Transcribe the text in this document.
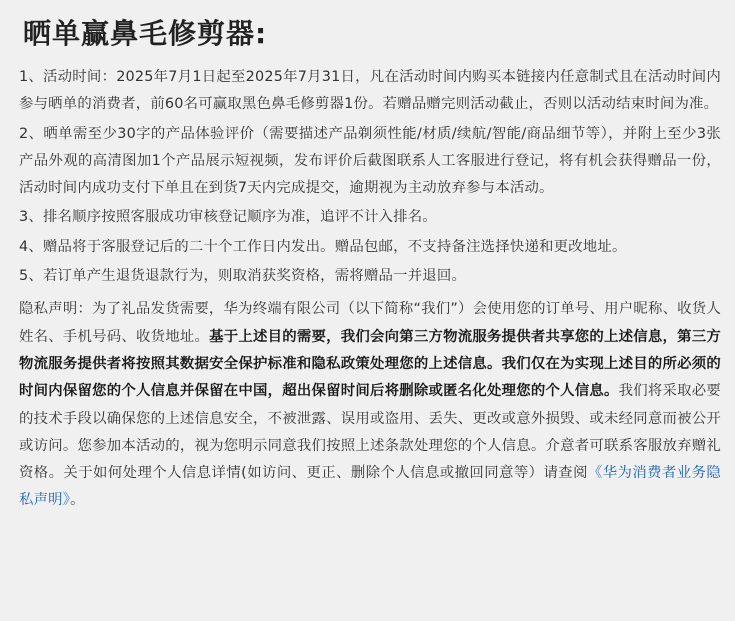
晒单赢鼻毛修剪器:

1、活动时间：2025年7月1日起至2025年7月31日，凡在活动时间内购买本链接内任意制式且在活动时间内参与晒单的消费者，前60名可赢取黑色鼻毛修剪器1份。若赠品赠完则活动截止，否则以活动结束时间为准。

2、晒单需至少30字的产品体验评价（需要描述产品剃须性能/材质/续航/智能/商品细节等），并附上至少3张产品外观的高清图加1个产品展示短视频，发布评价后截图联系人工客服进行登记，将有机会获得赠品一份，活动时间内成功支付下单且在到货7天内完成提交，逾期视为主动放弃参与本活动。

3、排名顺序按照客服成功审核登记顺序为准，追评不计入排名。

4、赠品将于客服登记后的二十个工作日内发出。赠品包邮，不支持备注选择快递和更改地址。

5、若订单产生退货退款行为，则取消获奖资格，需将赠品一并退回。

隐私声明：为了礼品发货需要，华为终端有限公司（以下简称“我们”）会使用您的订单号、用户昵称、收货人姓名、手机号码、收货地址。基于上述目的需要，我们会向第三方物流服务提供者共享您的上述信息，第三方物流服务提供者将按照其数据安全保护标准和隐私政策处理您的上述信息。我们仅在为实现上述目的所必须的时间内保留您的个人信息并保留在中国，超出保留时间后将删除或匿名化处理您的个人信息。我们将采取必要的技术手段以确保您的上述信息安全，不被泄露、误用或盗用、丢失、更改或意外损毁、或未经同意而被公开或访问。您参加本活动的，视为您明示同意我们按照上述条款处理您的个人信息。介意者可联系客服放弃赠礼资格。关于如何处理个人信息详情(如访问、更正、删除个人信息或撤回同意等）请查阅《华为消费者业务隐私声明》。
